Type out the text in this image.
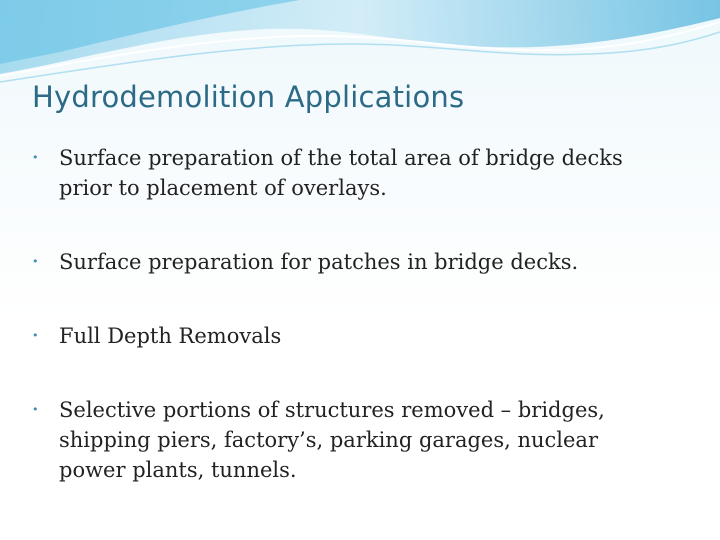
Hydrodemolition Applications
• Surface preparation of the total area of bridge decks prior to placement of overlays.
• Surface preparation for patches in bridge decks.
• Full Depth Removals
• Selective portions of structures removed – bridges, shipping piers, factory’s, parking garages, nuclear power plants, tunnels.
